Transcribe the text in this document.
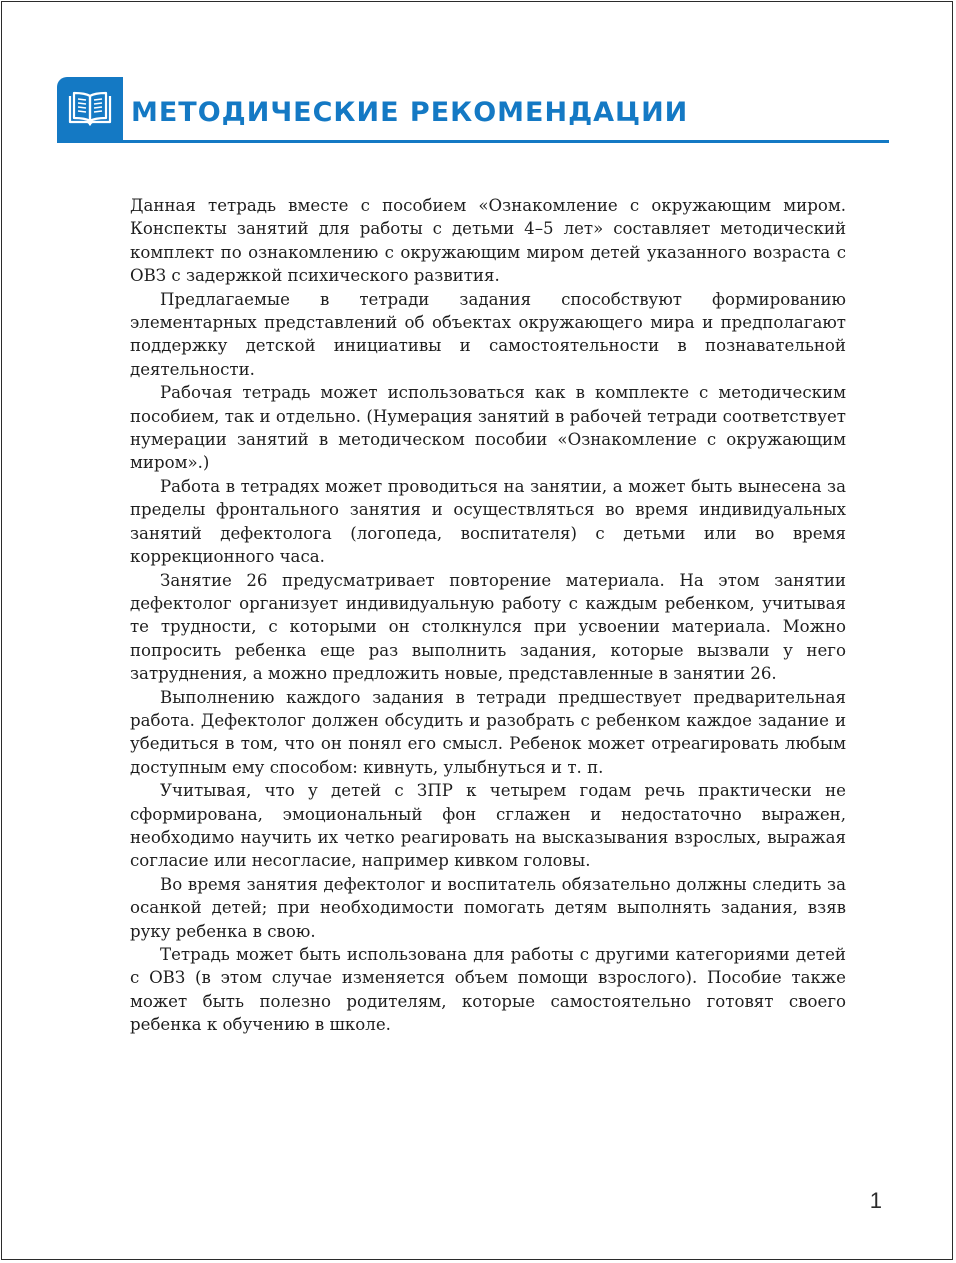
МЕТОДИЧЕСКИЕ РЕКОМЕНДАЦИИ

Данная тетрадь вместе с пособием «Ознакомление с окружающим миром. Конспекты занятий для работы с детьми 4–5 лет» составляет методический комплект по ознакомлению с окружающим миром детей указанного возраста с ОВЗ с задержкой психического развития.

Предлагаемые в тетради задания способствуют формированию элементарных представлений об объектах окружающего мира и предполагают поддержку детской инициативы и самостоятельности в познавательной деятельности.

Рабочая тетрадь может использоваться как в комплекте с методическим пособием, так и отдельно. (Нумерация занятий в рабочей тетради соответствует нумерации занятий в методическом пособии «Ознакомление с окружающим миром».)

Работа в тетрадях может проводиться на занятии, а может быть вынесена за пределы фронтального занятия и осуществляться во время индивидуальных занятий дефектолога (логопеда, воспитателя) с детьми или во время коррекционного часа.

Занятие 26 предусматривает повторение материала. На этом занятии дефектолог организует индивидуальную работу с каждым ребенком, учитывая те трудности, с которыми он столкнулся при усвоении материала. Можно попросить ребенка еще раз выполнить задания, которые вызвали у него затруднения, а можно предложить новые, представленные в занятии 26.

Выполнению каждого задания в тетради предшествует предварительная работа. Дефектолог должен обсудить и разобрать с ребенком каждое задание и убедиться в том, что он понял его смысл. Ребенок может отреагировать любым доступным ему способом: кивнуть, улыбнуться и т. п.

Учитывая, что у детей с ЗПР к четырем годам речь практически не сформирована, эмоциональный фон сглажен и недостаточно выражен, необходимо научить их четко реагировать на высказывания взрослых, выражая согласие или несогласие, например кивком головы.

Во время занятия дефектолог и воспитатель обязательно должны следить за осанкой детей; при необходимости помогать детям выполнять задания, взяв руку ребенка в свою.

Тетрадь может быть использована для работы с другими категориями детей с ОВЗ (в этом случае изменяется объем помощи взрослого). Пособие также может быть полезно родителям, которые самостоятельно готовят своего ребенка к обучению в школе.

1
